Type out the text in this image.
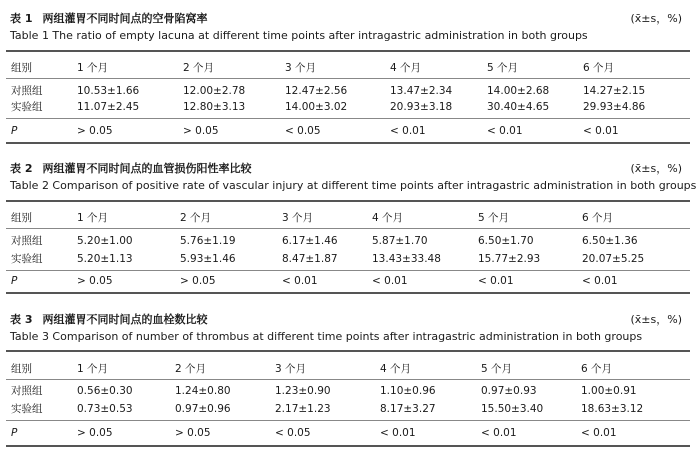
表 1 两组灌胃不同时间点的空骨陷窝率	(x̄±s，%)
Table 1 The ratio of empty lacuna at different time points after intragastric administration in both groups
组别	1 个月	2 个月	3 个月	4 个月	5 个月	6 个月
对照组	10.53±1.66	12.00±2.78	12.47±2.56	13.47±2.34	14.00±2.68	14.27±2.15
实验组	11.07±2.45	12.80±3.13	14.00±3.02	20.93±3.18	30.40±4.65	29.93±4.86
P	> 0.05	> 0.05	< 0.05	< 0.01	< 0.01	< 0.01
表 2 两组灌胃不同时间点的血管损伤阳性率比较	(x̄±s，%)
Table 2 Comparison of positive rate of vascular injury at different time points after intragastric administration in both groups
组别	1 个月	2 个月	3 个月	4 个月	5 个月	6 个月
对照组	5.20±1.00	5.76±1.19	6.17±1.46	5.87±1.70	6.50±1.70	6.50±1.36
实验组	5.20±1.13	5.93±1.46	8.47±1.87	13.43±33.48	15.77±2.93	20.07±5.25
P	> 0.05	> 0.05	< 0.01	< 0.01	< 0.01	< 0.01
表 3 两组灌胃不同时间点的血栓数比较	(x̄±s，%)
Table 3 Comparison of number of thrombus at different time points after intragastric administration in both groups
组别	1 个月	2 个月	3 个月	4 个月	5 个月	6 个月
对照组	0.56±0.30	1.24±0.80	1.23±0.90	1.10±0.96	0.97±0.93	1.00±0.91
实验组	0.73±0.53	0.97±0.96	2.17±1.23	8.17±3.27	15.50±3.40	18.63±3.12
P	> 0.05	> 0.05	< 0.05	< 0.01	< 0.01	< 0.01
